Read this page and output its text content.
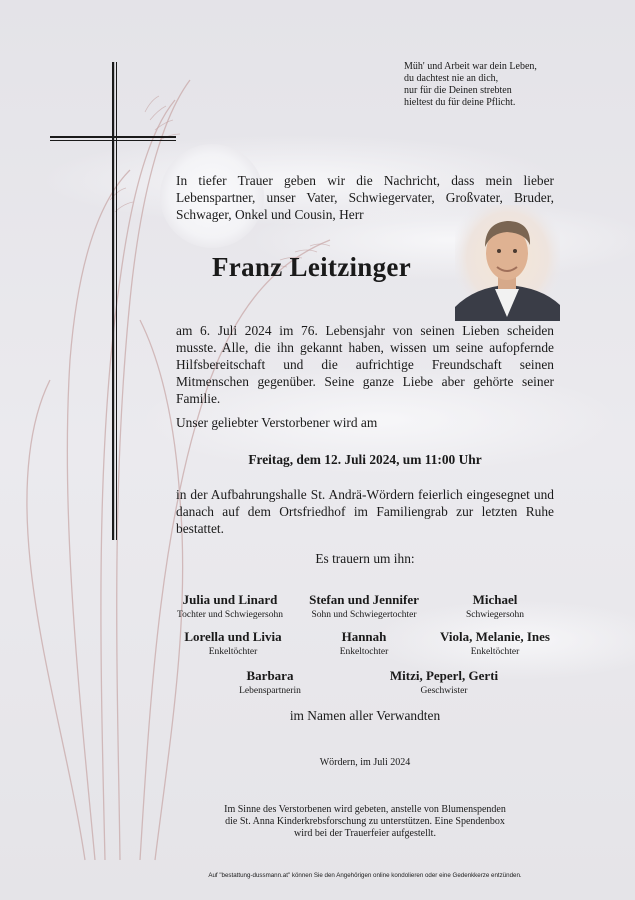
Müh' und Arbeit war dein Leben,
du dachtest nie an dich,
nur für die Deinen strebten
hieltest du für deine Pflicht.
In tiefer Trauer geben wir die Nachricht, dass mein lieber Lebenspartner, unser Vater, Schwiegervater, Großvater, Bruder, Schwager, Onkel und Cousin, Herr
Franz Leitzinger
am 6. Juli 2024 im 76. Lebensjahr von seinen Lieben scheiden musste. Alle, die ihn gekannt haben, wissen um seine aufopfernde Hilfsbereitschaft und die aufrichtige Freundschaft seinen Mitmenschen gegenüber. Seine ganze Liebe aber gehörte seiner Familie.
Unser geliebter Verstorbener wird am
Freitag, dem 12. Juli 2024, um 11:00 Uhr
in der Aufbahrungshalle St. Andrä-Wördern feierlich eingesegnet und danach auf dem Ortsfriedhof im Familiengrab zur letzten Ruhe bestattet.
Es trauern um ihn:
Julia und Linard
Tochter und Schwiegersohn
Stefan und Jennifer
Sohn und Schwiegertochter
Michael
Schwiegersohn
Lorella und Livia
Enkeltöchter
Hannah
Enkeltochter
Viola, Melanie, Ines
Enkeltöchter
Barbara
Lebenspartnerin
Mitzi, Peperl, Gerti
Geschwister
im Namen aller Verwandten
Wördern, im Juli 2024
Im Sinne des Verstorbenen wird gebeten, anstelle von Blumenspenden
die St. Anna Kinderkrebsforschung zu unterstützen. Eine Spendenbox
wird bei der Trauerfeier aufgestellt.
Auf "bestattung-dussmann.at" können Sie den Angehörigen online kondolieren oder eine Gedenkkerze entzünden.
